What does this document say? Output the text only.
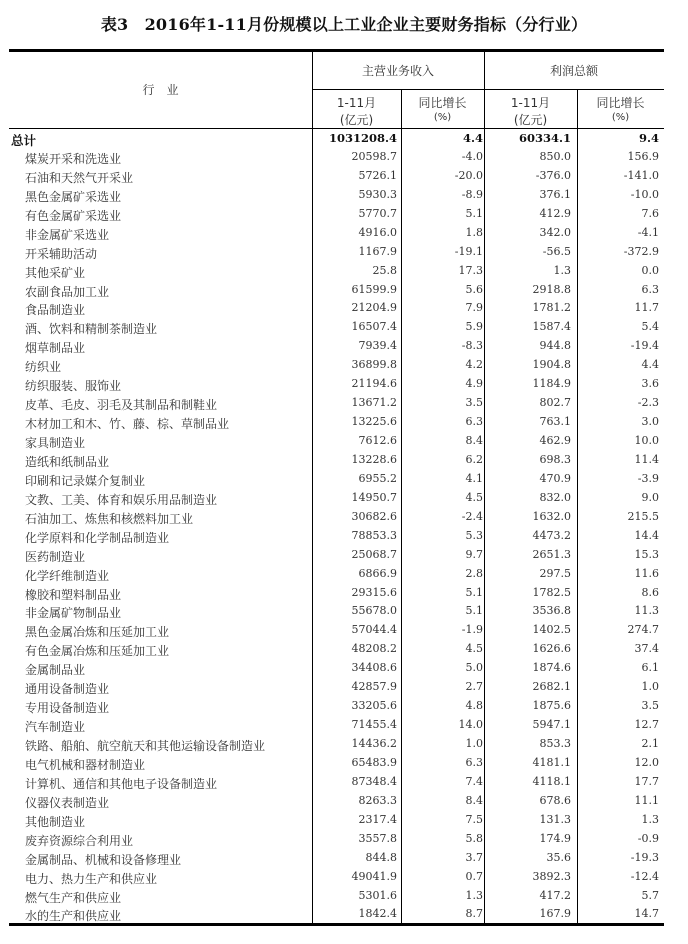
表3　2016年1-11月份规模以上工业企业主要财务指标（分行业）
行　业
主营业务收入	利润总额
1-11月
(亿元)
同比增长
(%)
1-11月
(亿元)
同比增长
(%)
总计	1031208.4	4.4	60334.1	9.4
煤炭开采和洗选业	20598.7	-4.0	850.0	156.9
石油和天然气开采业	5726.1	-20.0	-376.0	-141.0
黑色金属矿采选业	5930.3	-8.9	376.1	-10.0
有色金属矿采选业	5770.7	5.1	412.9	7.6
非金属矿采选业	4916.0	1.8	342.0	-4.1
开采辅助活动	1167.9	-19.1	-56.5	-372.9
其他采矿业	25.8	17.3	1.3	0.0
农副食品加工业	61599.9	5.6	2918.8	6.3
食品制造业	21204.9	7.9	1781.2	11.7
酒、饮料和精制茶制造业	16507.4	5.9	1587.4	5.4
烟草制品业	7939.4	-8.3	944.8	-19.4
纺织业	36899.8	4.2	1904.8	4.4
纺织服装、服饰业	21194.6	4.9	1184.9	3.6
皮革、毛皮、羽毛及其制品和制鞋业	13671.2	3.5	802.7	-2.3
木材加工和木、竹、藤、棕、草制品业	13225.6	6.3	763.1	3.0
家具制造业	7612.6	8.4	462.9	10.0
造纸和纸制品业	13228.6	6.2	698.3	11.4
印刷和记录媒介复制业	6955.2	4.1	470.9	-3.9
文教、工美、体育和娱乐用品制造业	14950.7	4.5	832.0	9.0
石油加工、炼焦和核燃料加工业	30682.6	-2.4	1632.0	215.5
化学原料和化学制品制造业	78853.3	5.3	4473.2	14.4
医药制造业	25068.7	9.7	2651.3	15.3
化学纤维制造业	6866.9	2.8	297.5	11.6
橡胶和塑料制品业	29315.6	5.1	1782.5	8.6
非金属矿物制品业	55678.0	5.1	3536.8	11.3
黑色金属冶炼和压延加工业	57044.4	-1.9	1402.5	274.7
有色金属冶炼和压延加工业	48208.2	4.5	1626.6	37.4
金属制品业	34408.6	5.0	1874.6	6.1
通用设备制造业	42857.9	2.7	2682.1	1.0
专用设备制造业	33205.6	4.8	1875.6	3.5
汽车制造业	71455.4	14.0	5947.1	12.7
铁路、船舶、航空航天和其他运输设备制造业	14436.2	1.0	853.3	2.1
电气机械和器材制造业	65483.9	6.3	4181.1	12.0
计算机、通信和其他电子设备制造业	87348.4	7.4	4118.1	17.7
仪器仪表制造业	8263.3	8.4	678.6	11.1
其他制造业	2317.4	7.5	131.3	1.3
废弃资源综合利用业	3557.8	5.8	174.9	-0.9
金属制品、机械和设备修理业	844.8	3.7	35.6	-19.3
电力、热力生产和供应业	49041.9	0.7	3892.3	-12.4
燃气生产和供应业	5301.6	1.3	417.2	5.7
水的生产和供应业	1842.4	8.7	167.9	14.7
